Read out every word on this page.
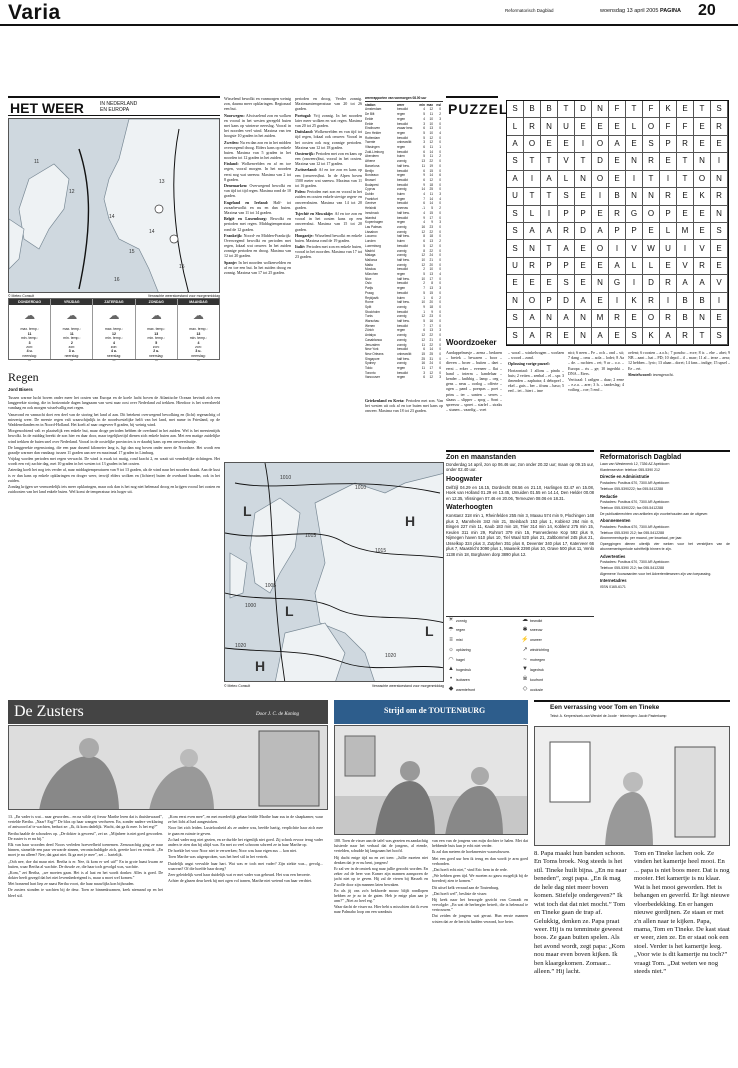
Varia	Reformatorisch Dagblad	woensdag 13 april 2005 PAGINA 20
HET WEER	IN NEDERLAND
EN EUROPA
11
12
13
14
14
15
15
16
© Meteo Consult	Verwachte weerstoestand voor morgenmiddag
DONDERDAG
☁
max. temp.:
11
min. temp.:
3
zon:
4 u.
neerslag:
...
VRIJDAG
☁
max. temp.:
11
min. temp.:
2
zon:
3 u.
neerslag:
...
ZATERDAG
☁
max. temp.:
12
min. temp.:
4
zon:
4 u.
neerslag:
...
ZONDAG
☁
max. temp.:
13
min. temp.:
5
zon:
2 u.
neerslag:
...
MAANDAG
☁
max. temp.:
13
min. temp.:
4
zon:
3 u.
neerslag:
...
Regen
Jord Bisers

Tussen warme lucht boven onder meer het oosten van Europa en de koele lucht boven de Atlantische Oceaan bevindt zich een langgerekte storing, die in horizontale dagen langzaam van west naar oost over Nederland zal trekken. Hierdoor is het weersbeeld vandaag en ook morgen wisselvallig met regen.

Vanavond en vannacht doet een deel van de storing het land al aan. Dit betekent overwegend bewolking en (licht) regenachtig of miezerig weer. De meeste regen valt waarschijnlijk in de noordwestelijke helft van het land, met name in Friesland, op de Waddeneilanden en in Noord-Holland. Het koelt af naar ongeveer 8 graden, bij weinig wind.

Morgenochtend valt er plaatselijk een enkele bui, maar droge perioden hebben de overhand in het zuiden. Wel is het meestentijds bewolkt. In de middag breekt de zon hier en daar door, maar tegelijkertijd dienen zich enkele buien aan. Met een matige zuidelijke wind trekken de buien snel over Nederland. Vooral in de oostelijke provincies is er daarbij kans op een onweersbuitje.

De langgerekte regenstoring, die een paar dusend kilometer lang is, ligt dan nog boven onder meer de Noordzee. Het wordt een graadje warmer dan vandaag: tussen 11 graden aan zee en maximaal 17 graden in Limburg.

Vrijdag worden perioden met regen verwacht. De wind is zwak tot matig, rond kracht 2, en waait uit vernderlijke richtingen. Het wordt een vrij zachte dag, met 10 graden in het westen tot 13 graden in het oosten.

Zaterdag koelt het nog iets verder af, naar middagtemperaturen van 9 tot 13 graden, als de wind naar het noorden draait. Aan de kust is er dan kans op enkele opklaringen en droger weer, terwijl elders wolken en (lichtere) buien de overhand houden, ook in het zuiden.

Zondag krijgen we vermoedelijk iets meer opklaringen, maar ook dan is het nog niet helemaal droog en krijgen vooral het oosten en zuidoosten van het land enkele buien. Wel komt de temperatuur iets hoger uit.

Wisselend bewolkt en vanmorgen weinig zon, daarna meer opklaringen. Regionaal een bui.

Noorwegen: Afwisselend zon en wolken en vooral in het westen geregeld buien met kans op winterse neerslag. Vooral in het noorden veel wind. Maxima van ten hoogste 10 graden in het zuiden.

Zweden: Nu en dan zon en in het midden overwegend droog. Elders kans op enkele buien. Maxima van 5 graden in het noorden tot 12 graden in het zuiden.

Finland: Wolkenvelden en af en toe regen, vooral morgen. In het noorden eerst nog wat sneeuw. Maxima van 2 tot 8 graden.

Denemarken: Overwegend bewolkt en van tijd tot tijd regen. Maxima rond de 10 graden.

Engeland en Ierland: Half- tot zwaarbewolkt en nu en dan buien. Maxima van 11 tot 14 graden.

België en Luxemburg: Bewolkt en perioden met regen. Middagtemperatuur rond de 12 graden.

Frankrijk: Noord- en Midden-Frankrijk: Overwegend bewolkt en perioden met regen, lokaal wat onweer. In het zuiden zonnige perioden en droog. Maxima van 12 tot 20 graden.

Spanje: In het noorden wolkenvelden en af en toe een bui. In het zuiden droog en zonnig. Maxima van 17 tot 25 graden.

perioden en droog. Verder zonnig. Maximumtemperatuur van 20 tot 26 graden.

Portugal: Vrij zonnig. In het noorden later meer wolken en wat regen. Maxima van 20 tot 25 graden.

Duitsland: Wolkenvelden en van tijd tot tijd regen, lokaal ook onweer. Vooral in het oosten ook nog zonnige perioden. Maxima van 12 tot 18 graden.

Oostenrijk: Perioden met zon en kans op een (onweers)bui, vooral in het oosten. Maxima van 12 tot 17 graden.

Zwitserland: Af en toe zon en kans op een (onweers)bui. In de Alpen boven 1500 meter wat sneeuw. Maxima van 11 tot 16 graden.

Polen: Perioden met zon en vooral in het zuiden en oosten enkele stevige regen- en onweersbuien. Maxima van 14 tot 20 graden.

Tsjechië en Slowakije: Af en toe zon en vooral in het oosten kans op een onweersbui. Maxima van 15 tot 20 graden.

Hongarije: Wisselend bewolkt en enkele buien. Maxima rond de 19 graden.

Italië: Perioden met zon en enkele buien, vooral in het noorden. Maxima van 17 tot 23 graden.

weerrapporten van vanmorgen 08.00 uur
station	weer	min max	nsl
Amsterdam	bewolkt	4	12	0
De Bilt	regen	5	11	2
Eelde	regen	4	10	3
Eelde	bewolkt	3	10	0
Eindhoven	zwaar bew.	6	13	0
Den Helder	regen	5	10	4
Rotterdam	bewolkt	5	12	0
Twente	onbewolkt	3	12	0
Vlissingen	regen	6	11	1
Zuid-Limburg	bewolkt	6	14	0
Aberdeen	buien	5	11	2
Athene	zonnig	13	22	0
Barcelona	half bew.	11	19	0
Berlijn	bewolkt	6	15	0
Bordeaux	regen	9	14	6
Brussel	bewolkt	6	12	0
Budapest	bewolkt	9	18	0
Cyprus	zonnig	14	25	0
Dublin	buien	4	11	3
Frankfurt	regen	7	14	4
Genève	bewolkt	6	14	0
Helsinki	sneeuw	-1	5	2
Innsbruck	half bew.	4	15	0
Istanbul	bewolkt	9	17	0
Kopenhagen	regen	4	9	3
Las Palmas	zonnig	16	23	0
Lissabon	zonnig	12	22	0
Locarno	half bew.	8	18	0
Londen	buien	6	13	2
Luxemburg	bewolkt	5	12	0
Madrid	zonnig	8	22	0
Malaga	zonnig	12	24	0
Mallorca	half bew.	10	21	0
Malta	zonnig	12	20	0
Moskou	bewolkt	2	10	0
München	regen	5	13	4
Nice	half bew.	10	17	0
Oslo	bewolkt	2	8	0
Parijs	regen	7	13	3
Praag	bewolkt	5	15	0
Reykjavik	buien	1	6	2
Rome	half bew.	10	20	0
Split	zonnig	9	18	0
Stockholm	bewolkt	1	9	0
Tunis	zonnig	12	23	0
Warschau	half bew.	5	16	0
Wenen	bewolkt	7	17	0
Zürich	regen	6	13	3
Antalya	zonnig	12	22	0
Casablanca	zonnig	12	21	0
Jeruzalem	zonnig	11	22	0
New York	bewolkt	6	14	0
New Orleans	onbewolkt	15	25	0
Singapore	half bew.	25	31	0
Sydney	zonnig	16	24	0
Tokio	regen	11	17	6
Toronto	bewolkt	3	12	0
Vancouver	regen	6	12	3

Griekenland en Kreta: Perioden met zon. Van het westen uit ook af en toe buien met kans op onweer. Maxima van 18 tot 23 graden.

1010
1010
1015
1015
1020
1020
1005
1000
L
L
H
H
L
© Meteo Consult	Verwachte weerstoestand voor morgenmiddag
PUZZEL S	B	B	T	D	N	F	T	F	K	E	T	S
L	R	N	U	E	E	E	L	O	F	F	E	R
A	O	E	E	I	O	A	E	S	P	R	E	E
S	T	T	V	T	D	E	N	R	E	T	N	I
A	I	A	L	N	O	E	I	T	I	T	O	N
U	T	T	S	E	I	B	N	N	R	E	K	R
S	L	I	P	P	E	R	G	O	P	E	E	N
S	A	A	R	D	A	P	P	E	L	M	E	S
S	N	T	A	E	O	I	V	W	U	I	V	E
U	R	P	P	E	E	A	L	L	E	V	R	E
E	E	E	S	E	N	G	I	D	R	A	A	V
N	O	P	D	A	E	I	K	R	I	B	B	I
S	A	N	A	N	M	R	E	O	R	B	N	E
S	A	R	E	N	A	E	S	K	A	R	T	S
Woordzoeker

Aardappelmesje – arena – bedaren – breiek – bewaren – boor – dieven – broer – buiten – daet – eerst – erker – eveneer – flat – hand – interm – kandelaar – kender – knibbig – lamp – oeg – gens – neus – oorlog – offerte – ogen – pand – poespas – poet – prins – ter – santen – serres – slaaus – slipper – spog – Sont – spreeuw – sprret – starlef – straks – stunen – vaardig – voet

– woral – winkelwagen – worlaen – woord – zand.

Oplossing vorige puzzel:

Horizontaal: 1 allons – pinda – huis; 2 veiten – zenbal – el – spr. 3 ilmenden – zaphatra; 4 deboprel – ekel – guis – ber – ifrans – baso; 5 eed – iet – hiert – ime

nict; 6 neen – Fe – och – ond – sti; 7 dang – oms – aola – lodet; 8 Aa – de. – ruchten – ret; 9 ar – o.o. – Europa – rts – ge; 10 ingedrkt – DNA – Eiers.

Verticaal: 1 railgen – daar; 2 eene – e.z.a. – arer; 3 h. – tandeslag; 4 voiling – roe; 5 end –

oefent; 6 roosten – a.o.b.; 7 poncho – ecre; 8 ir. – ehe – abet; 9 NB – aant – hat – PD; 10 depol – il – marr; 11 al – ierse – aera; 12 hebben – lyric; 13 alaan – doret; 14 fans – indige; 15 upsel – Ee – ert.

Sleutelwoord: tesengeracht.

Zon en maanstanden

Donderdag 14 april, zon op 06.46 uur, zon onder 20.32 uur; maan op 09.15 uur, onder 02.40 uur.

Hoogwater

Delfzijl 04.29 en 16.15, Dordrecht 08.56 en 21.10, Harlingen 02.47 en 15.08, Hoek van Holland 01.29 en 13.45, IJmuiden 01.55 en 14.14, Den Helder 00.08 en 12.35, Vlissingen 07.46 en 20.06, Terneuzen 08.06 en 18.31.

Waterhoogten

Konstanz 318 min 1, Rheinfelden 255 min 3, Maxau 574 min 9, Plochingen 148 plus 2, Mannheim 342 min 21, Steinbach 153 plus 1, Koblenz 264 min 6, Bingen 227 min 11, Kaub 183 min 18, Trier 314 min 14, Koblenz 275 min 15, Keulen 311 min 29, Ruhrort 379 min 15, Pannerdense Kop 592 plus 9, Nijmegen haven 510 plus 10, Tiel Waal 520 plus 21, Zaltbommel 245 plus 21, IJsselkop 324 plus 3, Zutphen 351 plus 8, Deventer 340 plus 17, Katerveer 66 plus 7, Maastricht 3090 plus 1, Maaseik 2390 plus 10, Grave 500 plus 11, Venlo 1138 min 18, Borgharen dorp 3890 plus 12.

☀ zonnig	☁ bewolkt
☂ regen	✱ sneeuw
≡ mist	⚡ onweer
☼ opklaring	↗ windrichting
◠ hagel	~ motregen
▲ hogedruk	▼ lagedruk
•	isobaren	※ koufront
◆ warmtefront	◇ occlusie
Reformatorisch Dagblad

Laan van Westenenk 12, 7336 AZ Apeldoorn

Klantenservice: telefoon 055-5390 212

Directie en Administratie

Postadres: Postbus 670, 7300 AR Apeldoorn

Telefoon 055-5390222; fax 055-5412288

Redactie

Postadres: Postbus 670, 7300 AR Apeldoorn

Telefoon 055-5390222; fax 055-5412288

De publicatierechten van artikelen zijn voorbehouden aan de uitgever.

Abonnementen

Postadres: Postbus 670, 7300 AR Apeldoorn

Telefoon 055-5390 212; fax 055-5412288

Abonnementsprijs: per maand, per kwartaal, per jaar.

Opzeggingen dienen uiterlijk vier weken voor het verstrijken van de abonnementsperiode schriftelijk binnen te zijn.

Advertenties

Postadres: Postbus 670, 7300 AR Apeldoorn

Telefoon 055-5390 212; fax 055-5412288

Algemene Voorwaarden voor het Advertentiewezen zijn van toepassing.

Internetadres

ISSN 0165-6171

De Zusters	Door J. C. de Koning

13. „En vader is wat... naar geworden... en na wilde zij freuw Marthe leren dat is thuisbewaard”, vertelde Bertha. „Naar? Erg?” De blos op haar wangen verdween. En, zonder nadere verklaring of antwoord af te wachten, beduot ze: „Ik, ik kom dadelijk. Wacht, dat ga ik mee. Is het erg?”

Bertha haalde de schouders op. „De dokter is geweest”, zei ze. „Mijnheer is niet goed geworden. De zuster is er nu bij.”

Elk van haar woorden deed Noors verleden hoeveelheid toenemen. Zenuwachtig ging ze naar binnen, stamelde een paar verwarde zinnen, verontschuldigde zich, greetie kort en vertrok. „En moet je nu alleen? Nee, dat gaat niet. Ik ga met je mee”, zei ... hartelijk.

„Ooh nee, doe dat maar niet. Bertha is er. Nee, ik kom er wel uit!” En in grote haast kwam ze buiten, waar Bertha al wachtte. De duwde ze, die haar toch gevolgd was, wachtte.

„Kom,” zei Bertha, „we moeten gaan. Het is al laat en het wordt donker. Alles is goed. De dokter heeft gezegd dat het niet levensbedreigend is, maar u moet wel komen.”

Met bonzend hart liep ze naast Bertha voort, die haar nauwlijks kon bijhouden.

De zusters stonden te wachten bij de deur. Toen ze binnenkwamen, keek niemand op en het bleef stil.

„Kom eerst even mee”, en met moederlijk gebaar leidde Marthe haar zus in de slaapkamer, waar ze het licht al had aangestoken.

Noor liet zich leiden. Lusteloosheid als ze andere was, beefde hartig, verplichtte haar zich mee te gaan en ruimte te geven.

Zo had vader nog niet gezien, en ze durfde het eigenlijk niet goed. Zij schrok ervoor terug vader anders te zien dan hij altijd was. En met zo veel schroom schreed ze in haar Marthe op.

De hoekle het voor Noor niet te verwerken; Noor was haar eigen zus ... kon niet.

Toen Marthe was uitgesproken, was het heel stil in het vertrek.

Duidelijk angst vervulde haar hart. Wat was er toch met vader? Zijn ziekte was.., gevolg... waarvan? Of die hoefde haar droeg?

Zeer geleidelijk werd haar duidelijk wat er met vader was gebeurd. Het was een beroerte.

Achter de glazen deur keek hij met ogen vol tranen, Marthe niet wetend van haar verdriet.

Strijd om de TOUTENBURG

188. Toen de visser aan de tafel was gezeten en aandachtig luisterde naar het verhaal dat de jongens, al etende, vertelden, schudde hij langzaam het hoofd.

Hij dacht enige tijd na en zei toen: „Jullie moeten niet denken dat je er nu bent, jongens!

Er zal ver in de omtrek nog naar jullie gezocht worden. En zeker zal de heer von Kamer zijn mannen aansporen de jacht niet op te geven. Hij zal de vieren bij Hasselt en Zwolle door zijn mannen laten bewaken.

En als jij ons zo'n bekhoede mouw blijft rondlopen hebben ze je zo in de gaten. Heb je enige plan aan je arm?” „Niet zo heel erg.”

Waar dacht de visser na. Hier hebt u misschien dat ik even naar Palmaho loop om een wambuis

van een van de jongens van mijn dochter te halen. Met dat hebbende buis kun je echt niet verder.

Ik zal dan meteen de hoekmeester waarschuwen.

Met een goed uur ben ik terug en dan wordt je arm goed verbonden.

„Dat hoeft echt niet,” vind Eric hem in de rede.

„We hebben geen tijd. We moeten zo gauw mogelijk bij de boerderij zien te komen.”

Dit uitsel kelk verraad aan de Toutenburg.

„Dat hoeft wel”, besliste de visser.

Hij keek naar het bezorgde gezicht van Conradt en vervolgde: „En wat de herbergier betreft, die is helemaal te vertrouwen.”

Dat zeiden de jongens wat gerust. Hun eerste mannen wisten dat ze de bericht hadden verzond, hoe beter.

Een verrassing voor Tom en Tineke
Tekst: A. Kerpershoek-van Wendel de Joode · tekeningen: Jacob Pasterkamp

8. Papa maakt hun banden schoon. En Toms broek. Nog steeds is het stil. Tineke huilt bijna. „En nu naar beneden”, zegt papa. „En ik mag de hele dag niet meer boven komen. Stiefelje ondergeven?” Ik wist toch dat dat niet mocht.” Tom en Tineke gaan de trap af. Gelukkig, denken ze. Papa praat weer. Hij is nu tenminste geweest boos. Ze gaan buiten spelen. Als het avond wordt, zegt papa: „Kom nou maar even boven kijken. Ik ben klaargekomen. Zomaar... alleen.” Hij lacht.

Tom en Tineke lachen ook. Ze vinden het kamertje heel mooi. En ... papa is niet boos meer. Dat is nog mooier. Het kamertje is nu klaar. Wat is het mooi geworden. Het is behangen en geverfd. Er ligt nieuwe vloerbedekking. En er hangen nieuwe gordijnen. Ze staan er met z'n allen naar te kijken. Papa, mama, Tom en Tineke. De kast staat er weer, zien ze. En er staat ook een stoel. Verder is het kamertje leeg. „Voor wie is dit kamertje nu toch?” vraagt Tom. „Dat weten we nog steeds niet.”
